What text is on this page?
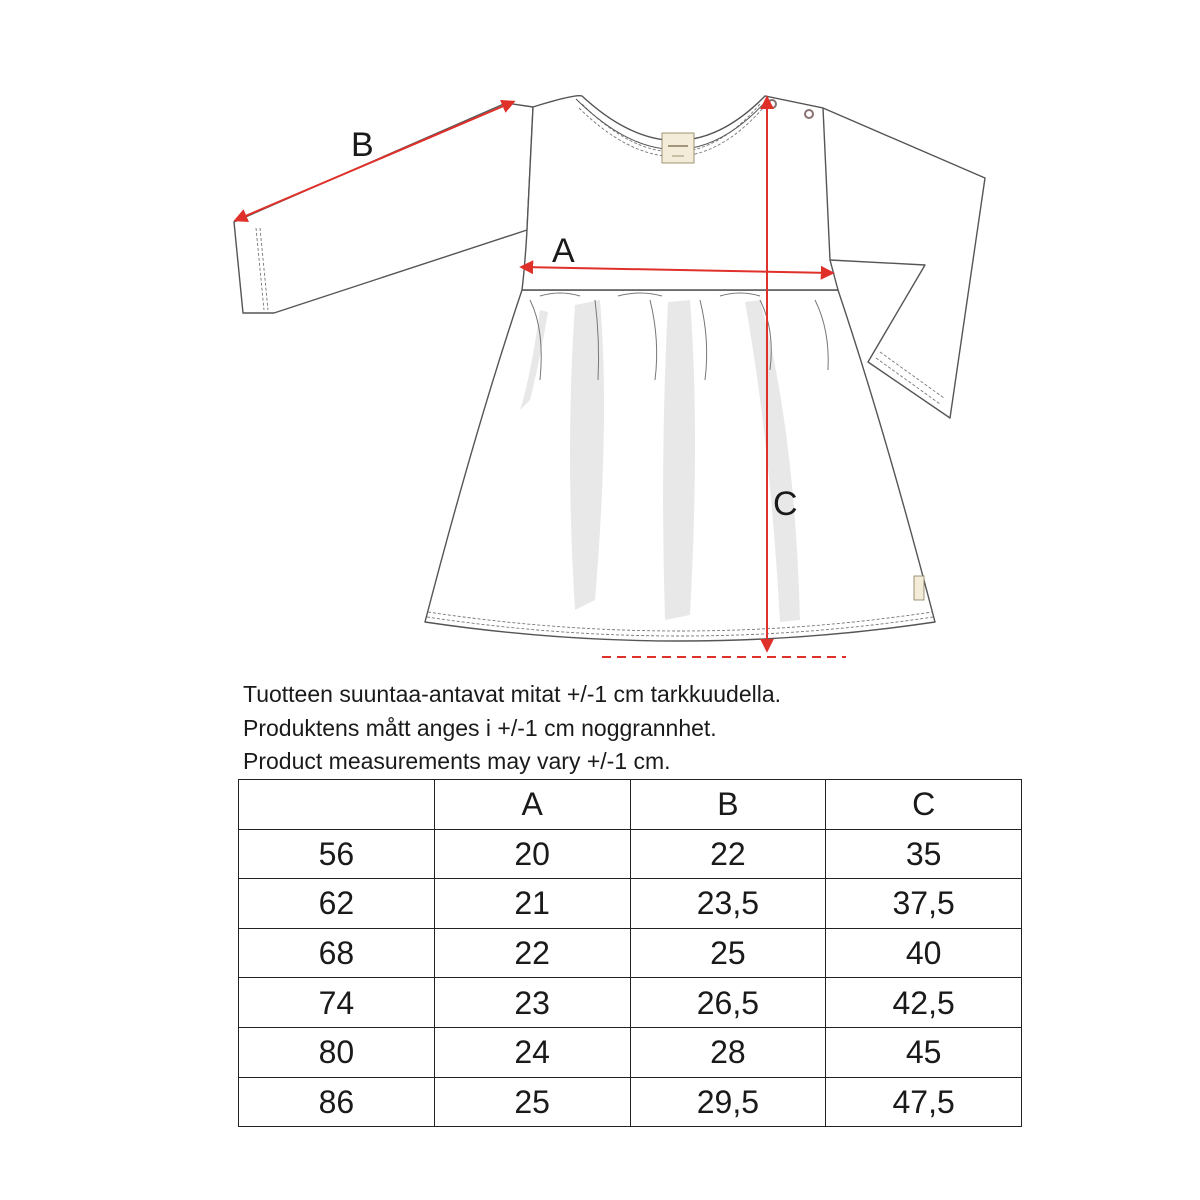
B
A
C
Tuotteen suuntaa-antavat mitat +/-1 cm tarkkuudella.
Produktens mått anges i +/-1 cm noggrannhet.
Product measurements may vary +/-1 cm.
	A	B	C
56	20	22	35
62	21	23,5	37,5
68	22	25	40
74	23	26,5	42,5
80	24	28	45
86	25	29,5	47,5
